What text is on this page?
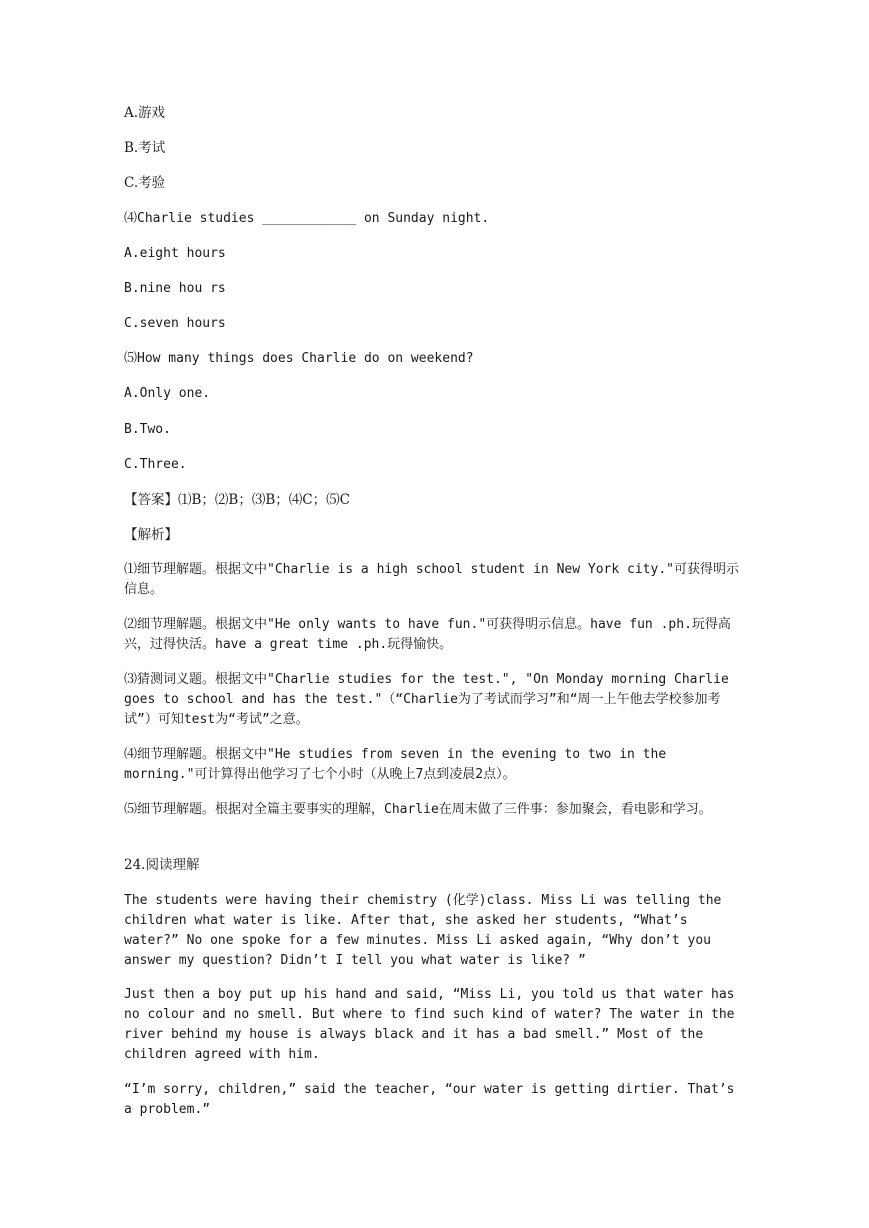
A.游戏

B.考试

C.考验

⑷Charlie studies ____________ on Sunday night.

A.eight hours

B.nine hou rs

C.seven hours

⑸How many things does Charlie do on weekend?

A.Only one.

B.Two.

C.Three.

【答案】⑴B；⑵B；⑶B；⑷C；⑸C

【解析】

⑴细节理解题。根据文中"Charlie is a high school student in New York city."可获得明示信息。

⑵细节理解题。根据文中"He only wants to have fun."可获得明示信息。have fun .ph.玩得高兴，过得快活。have a great time .ph.玩得愉快。

⑶猜测词义题。根据文中"Charlie studies for the test.", "On Monday morning Charlie goes to school and has the test."（“Charlie为了考试而学习”和“周一上午他去学校参加考试”）可知test为“考试”之意。

⑷细节理解题。根据文中"He studies from seven in the evening to two in the morning."可计算得出他学习了七个小时（从晚上7点到凌晨2点）。

⑸细节理解题。根据对全篇主要事实的理解，Charlie在周末做了三件事：参加聚会，看电影和学习。

24.阅读理解

The students were having their chemistry (化学)class. Miss Li was telling the children what water is like. After that, she asked her students, “What’s water?” No one spoke for a few minutes. Miss Li asked again, “Why don’t you answer my question? Didn’t I tell you what water is like? ”

Just then a boy put up his hand and said, “Miss Li, you told us that water has no colour and no smell. But where to find such kind of water? The water in the river behind my house is always black and it has a bad smell.” Most of the children agreed with him.

“I’m sorry, children,” said the teacher, “our water is getting dirtier. That’s a problem.”
